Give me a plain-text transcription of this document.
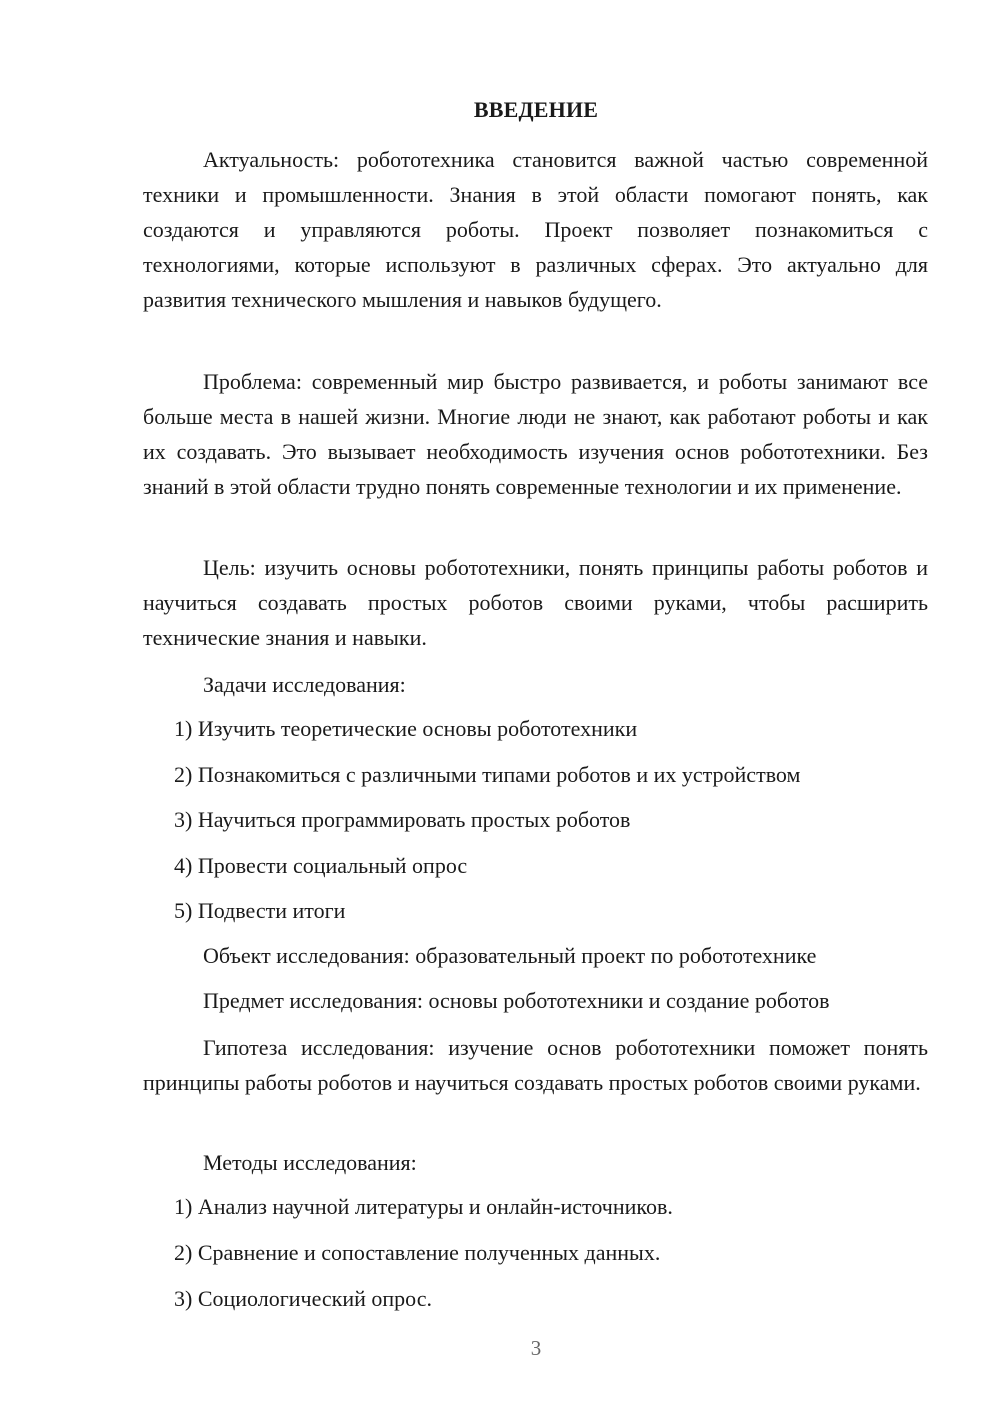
ВВЕДЕНИЕ

Актуальность: робототехника становится важной частью современной техники и промышленности. Знания в этой области помогают понять, как создаются и управляются роботы. Проект позволяет познакомиться с технологиями, которые используют в различных сферах. Это актуально для развития технического мышления и навыков будущего.

Проблема: современный мир быстро развивается, и роботы занимают все больше места в нашей жизни. Многие люди не знают, как работают роботы и как их создавать. Это вызывает необходимость изучения основ робототехники. Без знаний в этой области трудно понять современные технологии и их применение.

Цель: изучить основы робототехники, понять принципы работы роботов и научиться создавать простых роботов своими руками, чтобы расширить технические знания и навыки.

Задачи исследования:

1) Изучить теоретические основы робототехники

2) Познакомиться с различными типами роботов и их устройством

3) Научиться программировать простых роботов

4) Провести социальный опрос

5) Подвести итоги

Объект исследования: образовательный проект по робототехнике

Предмет исследования: основы робототехники и создание роботов

Гипотеза исследования: изучение основ робототехники поможет понять принципы работы роботов и научиться создавать простых роботов своими руками.

Методы исследования:

1) Анализ научной литературы и онлайн-источников.

2) Сравнение и сопоставление полученных данных.

3) Социологический опрос.

3
